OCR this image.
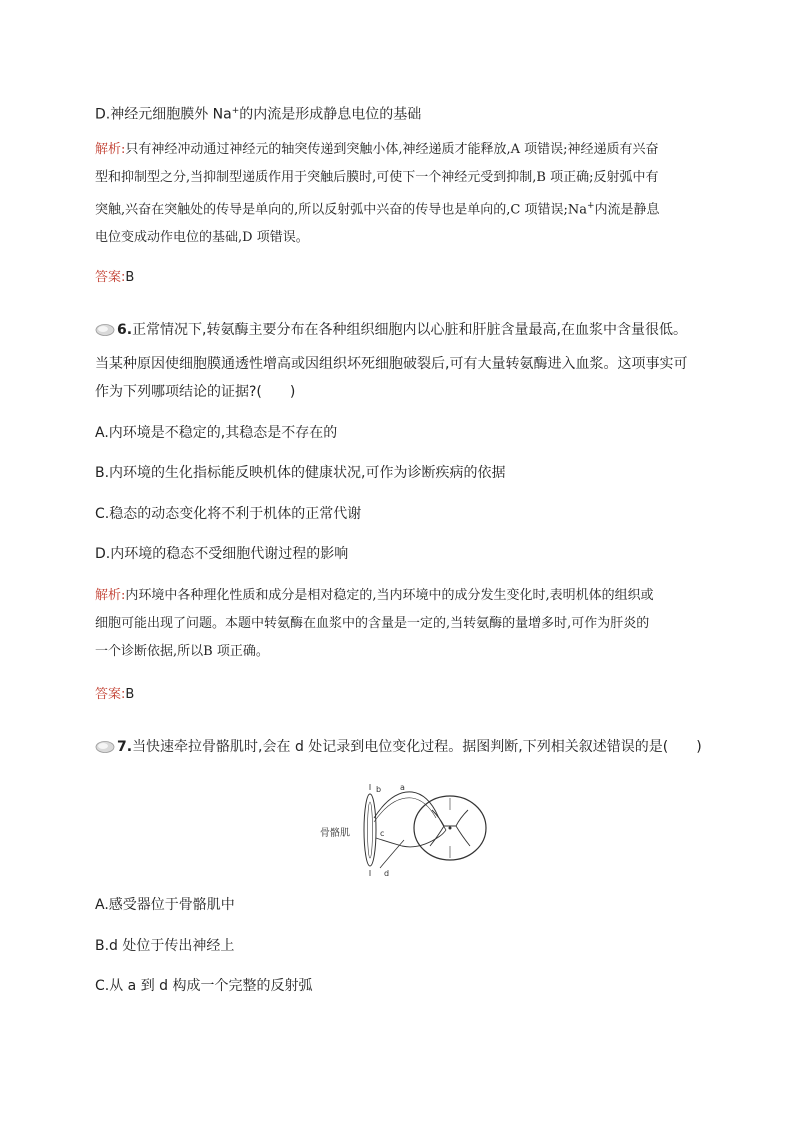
D.神经元细胞膜外 Na+的内流是形成静息电位的基础
解析:只有神经冲动通过神经元的轴突传递到突触小体,神经递质才能释放,A 项错误;神经递质有兴奋
型和抑制型之分,当抑制型递质作用于突触后膜时,可使下一个神经元受到抑制,B 项正确;反射弧中有
突触,兴奋在突触处的传导是单向的,所以反射弧中兴奋的传导也是单向的,C 项错误;Na+内流是静息
电位变成动作电位的基础,D 项错误。
答案:B
6.正常情况下,转氨酶主要分布在各种组织细胞内以心脏和肝脏含量最高,在血浆中含量很低。
当某种原因使细胞膜通透性增高或因组织坏死细胞破裂后,可有大量转氨酶进入血浆。这项事实可
作为下列哪项结论的证据?(　　)
A.内环境是不稳定的,其稳态是不存在的
B.内环境的生化指标能反映机体的健康状况,可作为诊断疾病的依据
C.稳态的动态变化将不利于机体的正常代谢
D.内环境的稳态不受细胞代谢过程的影响
解析:内环境中各种理化性质和成分是相对稳定的,当内环境中的成分发生变化时,表明机体的组织或
细胞可能出现了问题。本题中转氨酶在血浆中的含量是一定的,当转氨酶的量增多时,可作为肝炎的
一个诊断依据,所以B 项正确。
答案:B
7.当快速牵拉骨骼肌时,会在 d 处记录到电位变化过程。据图判断,下列相关叙述错误的是(　　)
b a
c
d
骨骼肌
A.感受器位于骨骼肌中
B.d 处位于传出神经上
C.从 a 到 d 构成一个完整的反射弧
